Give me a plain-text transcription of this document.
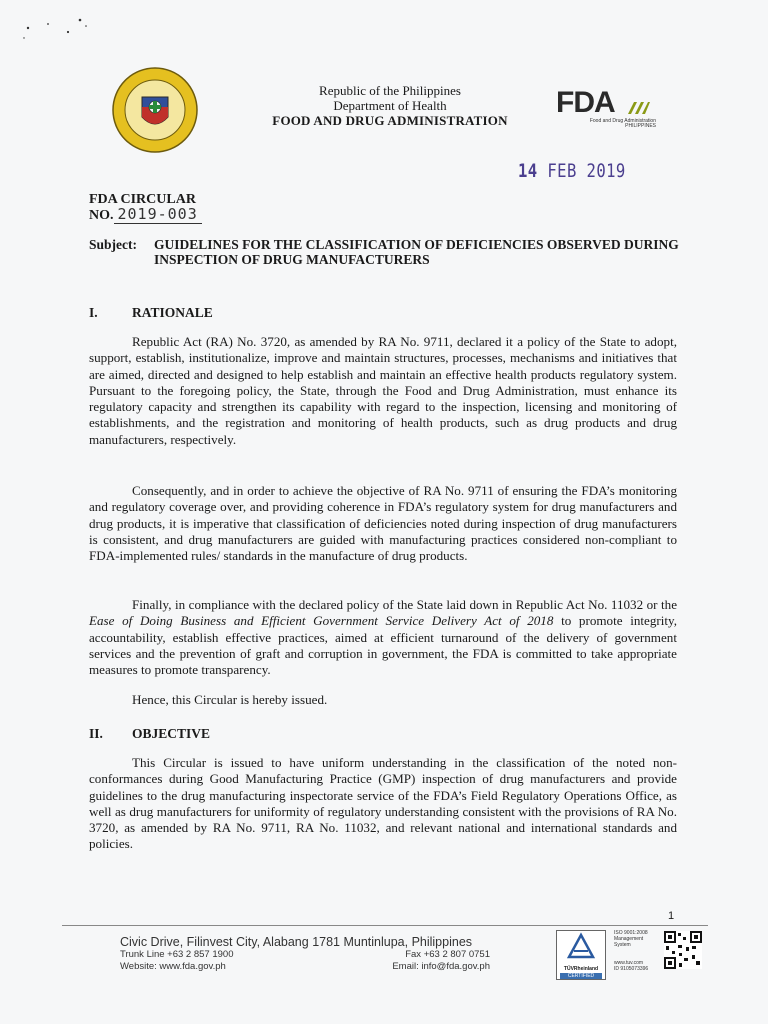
Republic of the Philippines
Department of Health
FOOD AND DRUG ADMINISTRATION
FDA
Food and Drug Administration
PHILIPPINES
14 FEB 2019
FDA CIRCULAR
NO. 2019-003
Subject: GUIDELINES FOR THE CLASSIFICATION OF DEFICIENCIES OBSERVED DURING INSPECTION OF DRUG MANUFACTURERS
I.	RATIONALE

Republic Act (RA) No. 3720, as amended by RA No. 9711, declared it a policy of the State to adopt, support, establish, institutionalize, improve and maintain structures, processes, mechanisms and initiatives that are aimed, directed and designed to help establish and maintain an effective health products regulatory system. Pursuant to the foregoing policy, the State, through the Food and Drug Administration, must enhance its regulatory capacity and strengthen its capability with regard to the inspection, licensing and monitoring of establishments, and the registration and monitoring of health products, such as drug products and drug manufacturers, respectively.

Consequently, and in order to achieve the objective of RA No. 9711 of ensuring the FDA’s monitoring and regulatory coverage over, and providing coherence in FDA’s regulatory system for drug manufacturers and drug products, it is imperative that classification of deficiencies noted during inspection of drug manufacturers is consistent, and drug manufacturers are guided with manufacturing practices considered non-compliant to FDA-implemented rules/ standards in the manufacture of drug products.

Finally, in compliance with the declared policy of the State laid down in Republic Act No. 11032 or the Ease of Doing Business and Efficient Government Service Delivery Act of 2018 to promote integrity, accountability, establish effective practices, aimed at efficient turnaround of the delivery of government services and the prevention of graft and corruption in government, the FDA is committed to take appropriate measures to promote transparency.

Hence, this Circular is hereby issued.

II. OBJECTIVE

This Circular is issued to have uniform understanding in the classification of the noted non-conformances during Good Manufacturing Practice (GMP) inspection of drug manufacturers and provide guidelines to the drug manufacturing inspectorate service of the FDA’s Field Regulatory Operations Office, as well as drug manufacturers for uniformity of regulatory understanding consistent with the provisions of RA No. 3720, as amended by RA No. 9711, RA No. 11032, and relevant national and international standards and policies.

1
Civic Drive, Filinvest City, Alabang 1781 Muntinlupa, Philippines
Trunk Line +63 2 857 1900	Fax +63 2 807 0751
Website: www.fda.gov.ph	Email: info@fda.gov.ph	TÜVRheinland
CERTIFIED
ISO 9001:2008
Management
System
www.tuv.com
ID 9105073396
